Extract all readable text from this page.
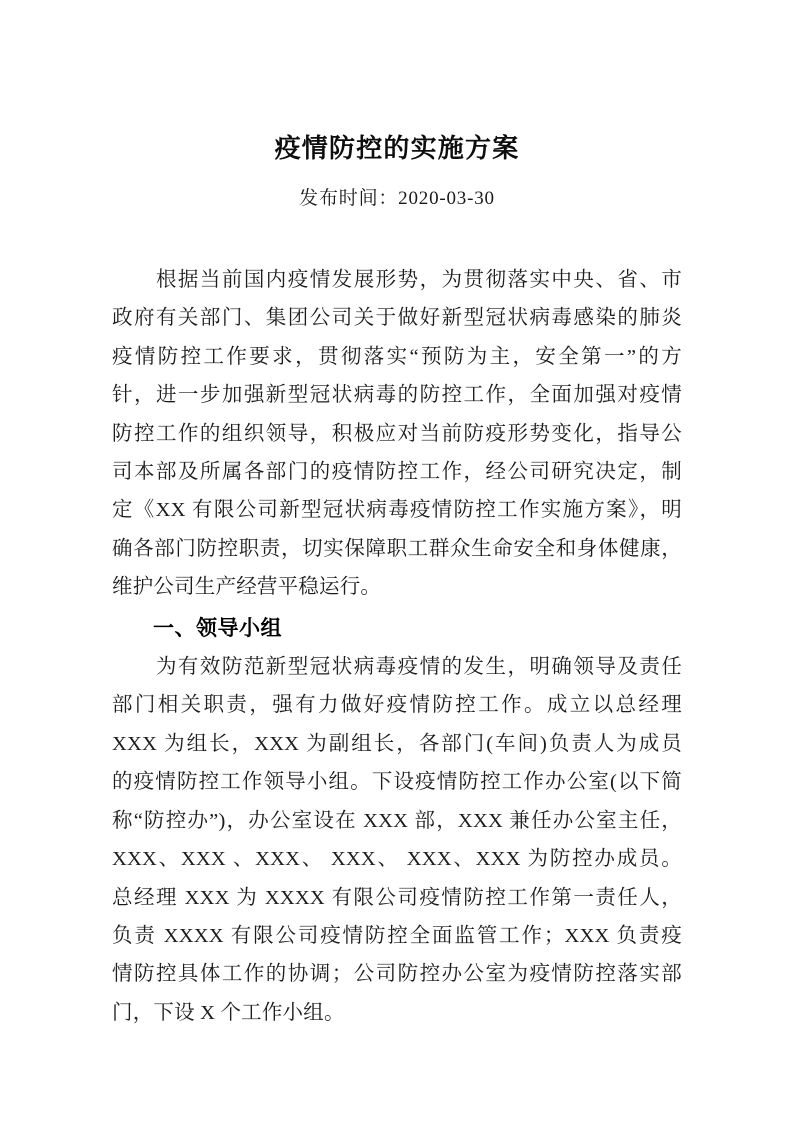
疫情防控的实施方案
发布时间：2020-03-30
　　根据当前国内疫情发展形势，为贯彻落实中央、省、市
政府有关部门、集团公司关于做好新型冠状病毒感染的肺炎
疫情防控工作要求，贯彻落实“预防为主，安全第一”的方
针，进一步加强新型冠状病毒的防控工作，全面加强对疫情
防控工作的组织领导，积极应对当前防疫形势变化，指导公
司本部及所属各部门的疫情防控工作，经公司研究决定，制
定《XX 有限公司新型冠状病毒疫情防控工作实施方案》，明
确各部门防控职责，切实保障职工群众生命安全和身体健康，
维护公司生产经营平稳运行。
一、领导小组
　　为有效防范新型冠状病毒疫情的发生，明确领导及责任
部门相关职责，强有力做好疫情防控工作。成立以总经理
XXX 为组长，XXX 为副组长，各部门(车间)负责人为成员
的疫情防控工作领导小组。下设疫情防控工作办公室(以下简
称“防控办”)，办公室设在 XXX 部，XXX 兼任办公室主任，
XXX、XXX 、XXX、 XXX、 XXX、XXX 为防控办成员。
总经理 XXX 为 XXXX 有限公司疫情防控工作第一责任人，
负责 XXXX 有限公司疫情防控全面监管工作；XXX 负责疫
情防控具体工作的协调；公司防控办公室为疫情防控落实部
门，下设 X 个工作小组。
